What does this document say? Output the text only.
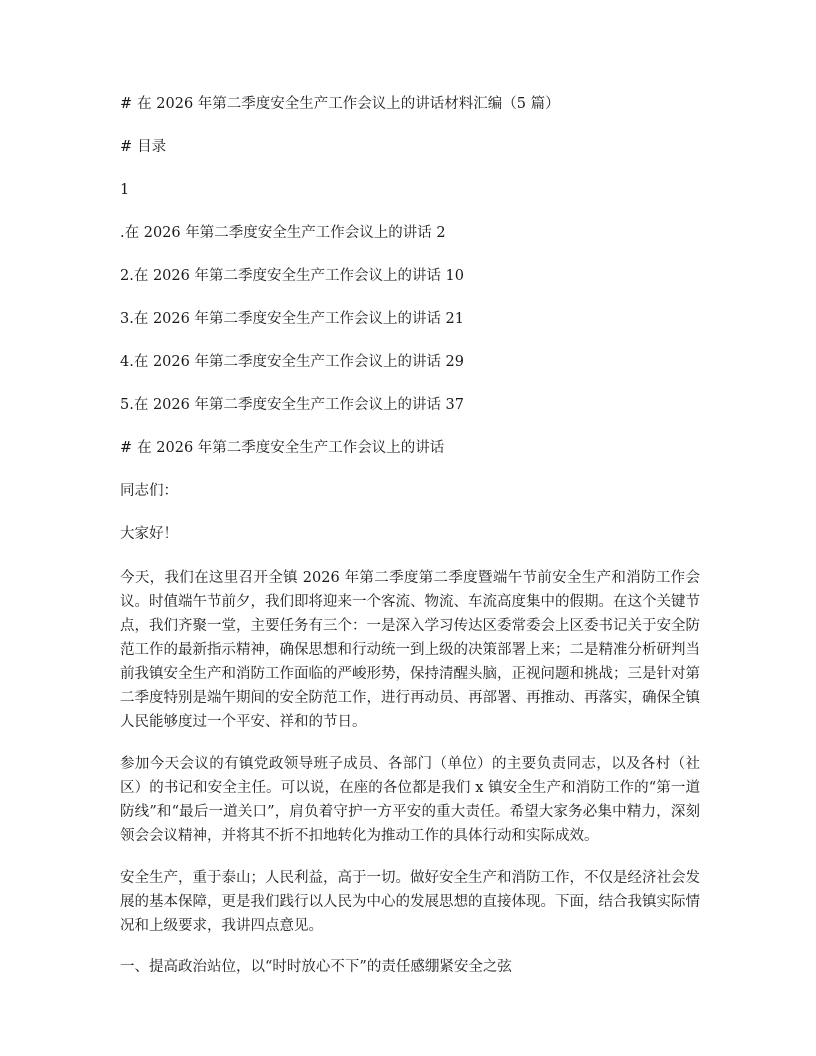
# 在 2026 年第二季度安全生产工作会议上的讲话材料汇编（5 篇）
# 目录
1
.在 2026 年第二季度安全生产工作会议上的讲话 2
2.在 2026 年第二季度安全生产工作会议上的讲话 10
3.在 2026 年第二季度安全生产工作会议上的讲话 21
4.在 2026 年第二季度安全生产工作会议上的讲话 29
5.在 2026 年第二季度安全生产工作会议上的讲话 37
# 在 2026 年第二季度安全生产工作会议上的讲话
同志们：
大家好！

今天，我们在这里召开全镇 2026 年第二季度第二季度暨端午节前安全生产和消防工作会议。时值端午节前夕，我们即将迎来一个客流、物流、车流高度集中的假期。在这个关键节点，我们齐聚一堂，主要任务有三个：一是深入学习传达区委常委会上区委书记关于安全防范工作的最新指示精神，确保思想和行动统一到上级的决策部署上来；二是精准分析研判当前我镇安全生产和消防工作面临的严峻形势，保持清醒头脑，正视问题和挑战；三是针对第二季度特别是端午期间的安全防范工作，进行再动员、再部署、再推动、再落实，确保全镇人民能够度过一个平安、祥和的节日。

参加今天会议的有镇党政领导班子成员、各部门（单位）的主要负责同志，以及各村（社区）的书记和安全主任。可以说，在座的各位都是我们 x 镇安全生产和消防工作的“第一道防线”和“最后一道关口”，肩负着守护一方平安的重大责任。希望大家务必集中精力，深刻领会会议精神，并将其不折不扣地转化为推动工作的具体行动和实际成效。

安全生产，重于泰山；人民利益，高于一切。做好安全生产和消防工作，不仅是经济社会发展的基本保障，更是我们践行以人民为中心的发展思想的直接体现。下面，结合我镇实际情况和上级要求，我讲四点意见。

一、提高政治站位，以“时时放心不下”的责任感绷紧安全之弦
